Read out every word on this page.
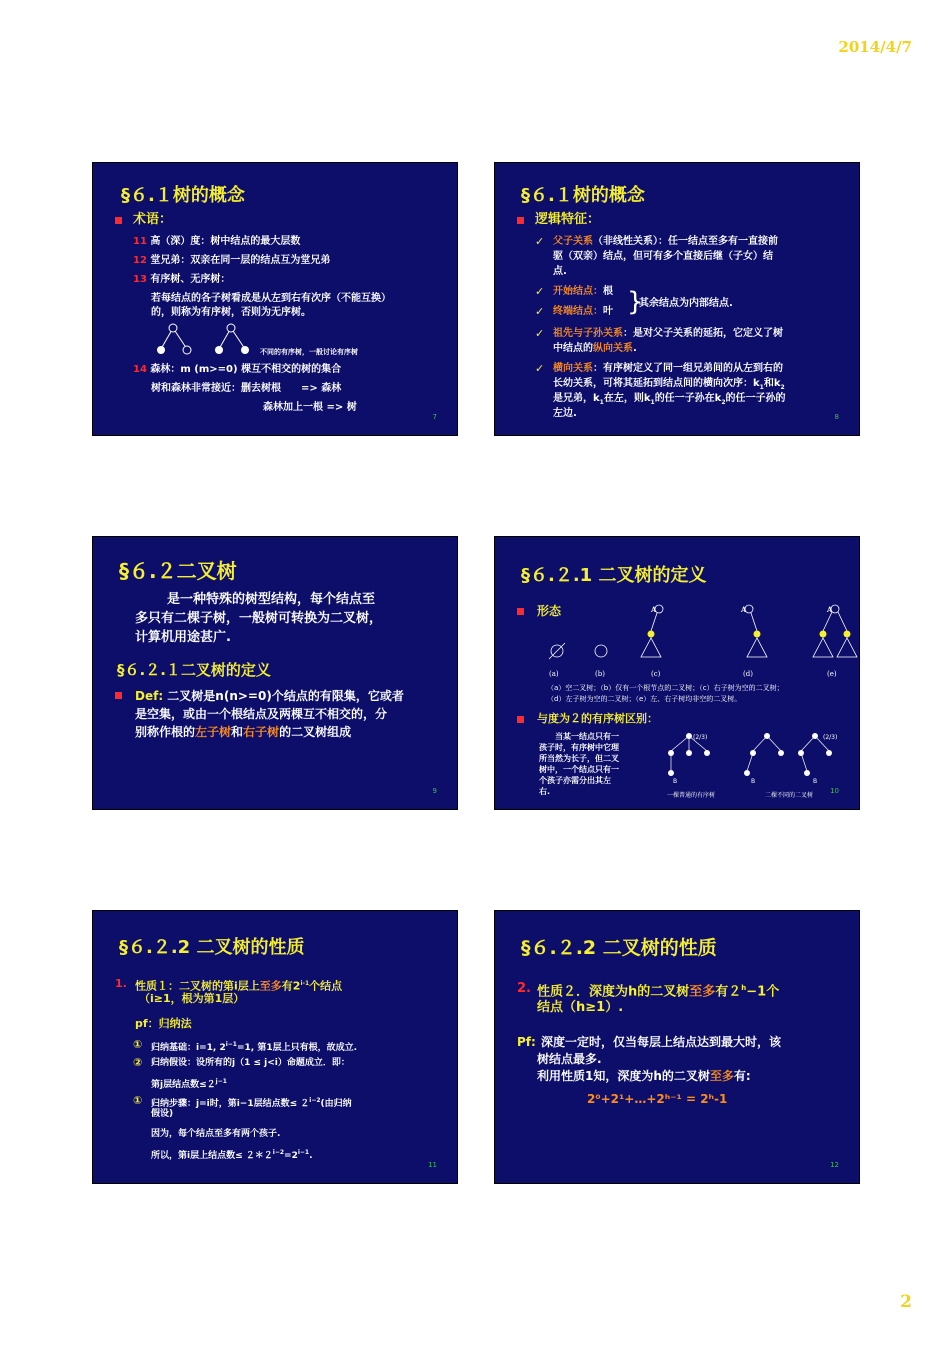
2014/4/7
§６.１树的概念
术语：
11 高（深）度：树中结点的最大层数
12 堂兄弟：双亲在同一层的结点互为堂兄弟
13 有序树、无序树：
若每结点的各子树看成是从左到右有次序（不能互换）
的，则称为有序树，否则为无序树。
不同的有序树，一般讨论有序树
14 森林：m (m>=0) 棵互不相交的树的集合
树和森林非常接近：删去树根　　=> 森林
森林加上一根 => 树
7
§６.１树的概念
逻辑特征：
✓ 父子关系（非线性关系）：任一结点至多有一直接前
驱（双亲）结点，但可有多个直接后继（子女）结
点.
✓ 开始结点：根
✓ 终端结点：叶 }
其余结点为内部结点.
✓ 祖先与子孙关系：是对父子关系的延拓，它定义了树
中结点的纵向关系.
✓ 横向关系：有序树定义了同一组兄弟间的从左到右的
长幼关系，可将其延拓到结点间的横向次序：$k_1$和$k_2$
是兄弟，$k_1$在左，则$k_1$的任一子孙在$k_2$的任一子孙的
左边.	8
§６.２二叉树
是一种特殊的树型结构，每个结点至
多只有二棵子树，一般树可转换为二叉树，
计算机用途甚广.
§６.２.１二叉树的定义
Def: 二叉树是n(n>=0)个结点的有限集，它或者
是空集，或由一个根结点及两棵互不相交的，分
别称作根的左子树和右子树的二叉树组成
9
§６.２.1 二叉树的定义
形态	A	A	A
(a)	(b)	(c)	(d)	(e)
（a）空二叉树；（b）仅有一个根节点的二叉树；（c）右子树为空的二叉树；
（d）左子树为空的二叉树；（e）左、右子树均非空的二叉树。
与度为２的有序树区别：
当某一结点只有一
孩子时，有序树中它理
所当然为长子，但二叉
树中，一个结点只有一
个孩子亦需分出其左
右.
(2/3)	(2/3)
B	B	B
一棵普通的有序树	二棵不同的二叉树
10
§６.２.2 二叉树的性质
1. 性质１：二叉树的第i层上至多有2$^{i-1}$个结点
（i≥1，根为第1层）
pf：归纳法
① 归纳基础：i=1, $2^{i-1}=1$, 第1层上只有根，故成立.
② 归纳假设：设所有的j（1 ≤ j<i）命题成立．即：
第j层结点数$\le 2^{j-1}$
① 归纳步骤：j=i时，第i−1层结点数≤ $2^{i-2}$(由归纳
假设)
因为，每个结点至多有两个孩子.
所以，第i层上结点数≤ $2*2^{i-2}=2^{i-1}$.
11
§６.２.2 二叉树的性质
2. 性质２．深度为h的二叉树至多有$2^h-1$个
结点（h≥1）.
Pf: 深度一定时，仅当每层上结点达到最大时，该
树结点最多.
利用性质1知，深度为h的二叉树至多有:
2⁰+2¹+…+2ʰ⁻¹ = 2ʰ-1
12
2
